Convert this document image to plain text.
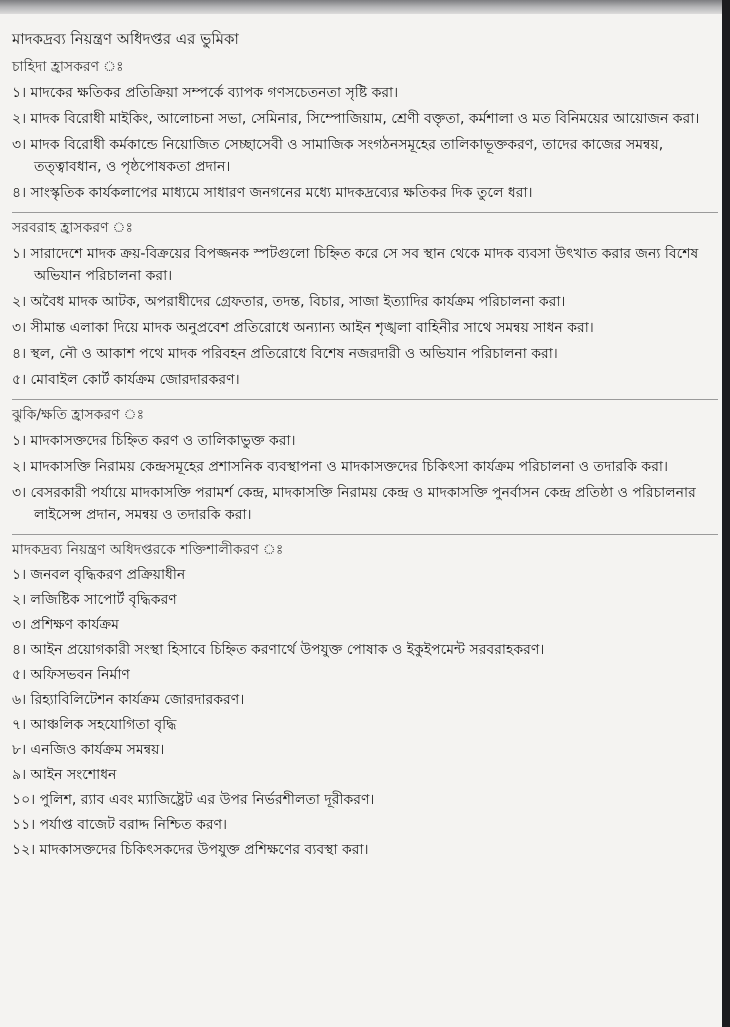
মাদকদ্রব্য নিয়ন্ত্রণ অধিদপ্তর এর ভুমিকা
চাহিদা হ্রাসকরণ ঃ
১। মাদকের ক্ষতিকর প্রতিক্রিয়া সম্পর্কে ব্যাপক গণসচেতনতা সৃষ্টি করা।
২। মাদক বিরোধী মাইকিং, আলোচনা সভা, সেমিনার, সিম্পোজিয়াম, শ্রেণী বক্তৃতা, কর্মশালা ও মত বিনিময়ের আয়োজন করা।
৩। মাদক বিরোধী কর্মকান্ডে নিয়োজিত সেচ্ছাসেবী ও সামাজিক সংগঠনসমূহের তালিকাভূক্তকরণ, তাদের কাজের সমন্বয়, তত্ত্বাবধান, ও পৃষ্ঠপোষকতা প্রদান।
৪। সাংস্কৃতিক কার্যকলাপের মাধ্যমে সাধারণ জনগনের মধ্যে মাদকদ্রব্যের ক্ষতিকর দিক তুলে ধরা।
সরবরাহ হ্রাসকরণ ঃ
১। সারাদেশে মাদক ক্রয়-বিক্রয়ের বিপজ্জনক স্পটগুলো চিহ্নিত করে সে সব স্থান থেকে মাদক ব্যবসা উৎখাত করার জন্য বিশেষ অভিযান পরিচালনা করা।
২। অবৈধ মাদক আটক, অপরাধীদের গ্রেফতার, তদন্ত, বিচার, সাজা ইত্যাদির কার্যক্রম পরিচালনা করা।
৩। সীমান্ত এলাকা দিয়ে মাদক অনুপ্রবেশ প্রতিরোধে অন্যান্য আইন শৃঙ্খলা বাহিনীর সাথে সমন্বয় সাধন করা।
৪। স্থল, নৌ ও আকাশ পথে মাদক পরিবহন প্রতিরোধে বিশেষ নজরদারী ও অভিযান পরিচালনা করা।
৫। মোবাইল কোর্ট কার্যক্রম জোরদারকরণ।
ঝুকি/ক্ষতি হ্রাসকরণ ঃ
১। মাদকাসক্তদের চিহ্নিত করণ ও তালিকাভুক্ত করা।
২। মাদকাসক্তি নিরাময় কেন্দ্রসমূহের প্রশাসনিক ব্যবস্থাপনা ও মাদকাসক্তদের চিকিৎসা কার্যক্রম পরিচালনা ও তদারকি করা।
৩। বেসরকারী পর্যায়ে মাদকাসক্তি পরামর্শ কেন্দ্র, মাদকাসক্তি নিরাময় কেন্দ্র ও মাদকাসক্তি পুনর্বাসন কেন্দ্র প্রতিষ্ঠা ও পরিচালনার লাইসেন্স প্রদান, সমন্বয় ও তদারকি করা।
মাদকদ্রব্য নিয়ন্ত্রণ অধিদপ্তরকে শক্তিশালীকরণ ঃ
১। জনবল বৃদ্ধিকরণ প্রক্রিয়াধীন
২। লজিষ্টিক সাপোর্ট বৃদ্ধিকরণ
৩। প্রশিক্ষণ কার্যক্রম
৪। আইন প্রয়োগকারী সংস্থা হিসাবে চিহ্নিত করণার্থে উপযুক্ত পোষাক ও ইকুইপমেন্ট সরবরাহকরণ।
৫। অফিসভবন নির্মাণ
৬। রিহ্যাবিলিটেশন কার্যক্রম জোরদারকরণ।
৭। আঞ্চলিক সহযোগিতা বৃদ্ধি
৮। এনজিও কার্যক্রম সমন্বয়।
৯। আইন সংশোধন
১০। পুলিশ, র‌্যাব এবং ম্যাজিষ্ট্রেট এর উপর নির্ভরশীলতা দূরীকরণ।
১১। পর্যাপ্ত বাজেট বরাদ্দ নিশ্চিত করণ।
১২। মাদকাসক্তদের চিকিৎসকদের উপযুক্ত প্রশিক্ষণের ব্যবস্থা করা।
